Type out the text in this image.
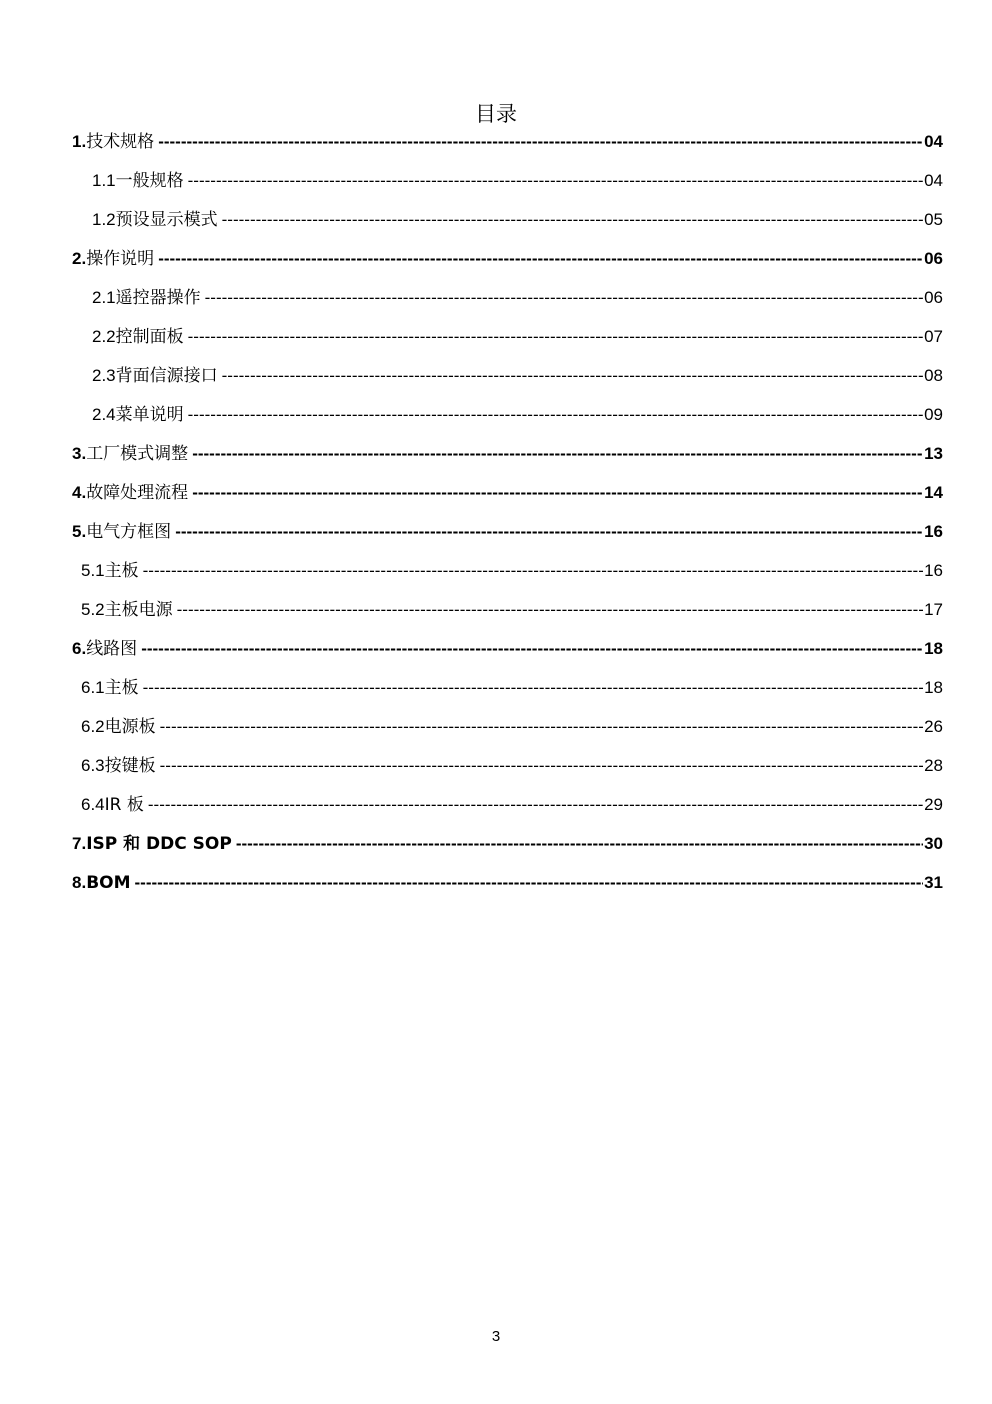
目录
1. 技术规格 -----	04
1.1 一般规格 -----	04
1.2 预设显示模式 -----	05
2. 操作说明 -----	06
2.1 遥控器操作 -----	06
2.2 控制面板 -----	07
2.3 背面信源接口 -----	08
2.4 菜单说明 -----	09
3. 工厂模式调整 -----	13
4. 故障处理流程 -----	14
5. 电气方框图 -----	16
5.1 主板 -----	16
5.2 主板电源 -----	17
6. 线路图 -----	18
6.1 主板 -----	18
6.2 电源板 -----	26
6.3 按键板 -----	28
6.4 IR 板 -----	29
7. ISP 和 DDC SOP -----	30
8. BOM -----	31
3
